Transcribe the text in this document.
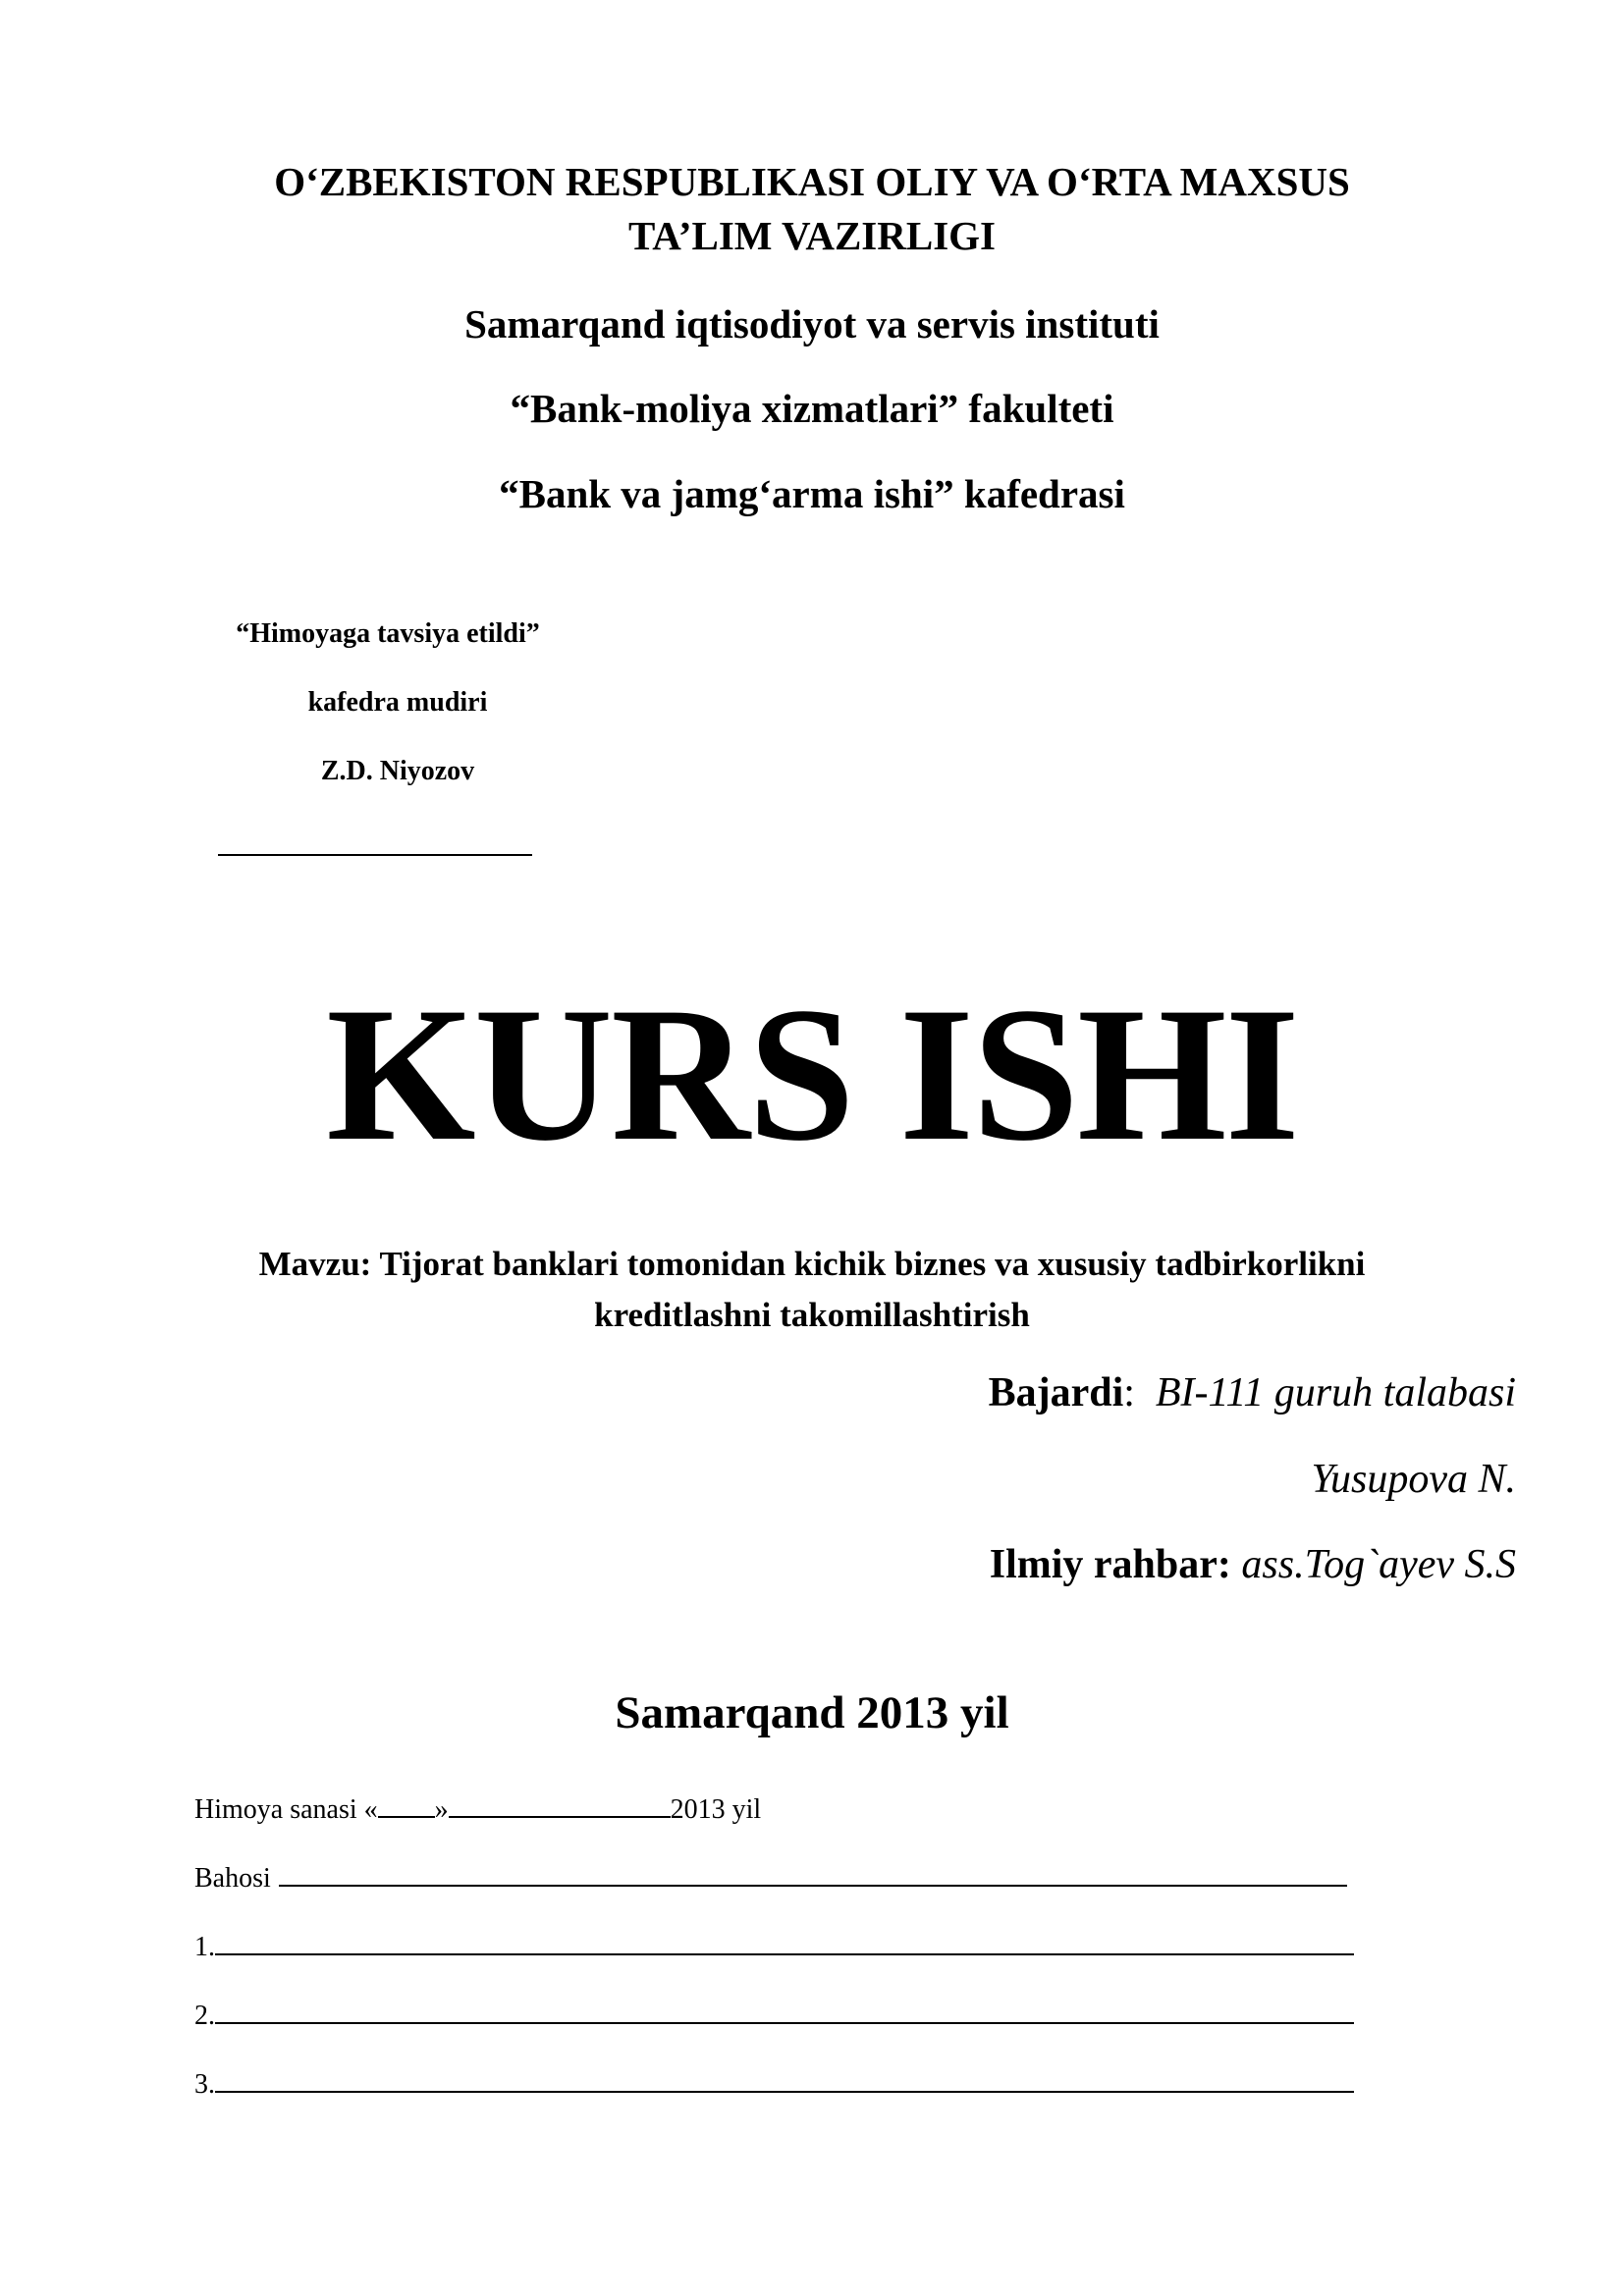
O‘ZBEKISTON RESPUBLIKASI OLIY VA O‘RTA MAXSUS
TA’LIM VAZIRLIGI
Samarqand iqtisodiyot va servis instituti
“Bank-moliya xizmatlari” fakulteti
“Bank va jamg‘arma ishi” kafedrasi
“Himoyaga tavsiya etildi”
kafedra mudiri
Z.D. Niyozov
KURS ISHI
Mavzu: Tijorat banklari tomonidan kichik biznes va xususiy tadbirkorlikni
kreditlashni takomillashtirish
Bajardi: BI-111 guruh talabasi
Yusupova N.
Ilmiy rahbar: ass.Tog`ayev S.S
Samarqand 2013 yil
Himoya sanasi « »	2013 yil
Bahosi
1.
2.
3.
